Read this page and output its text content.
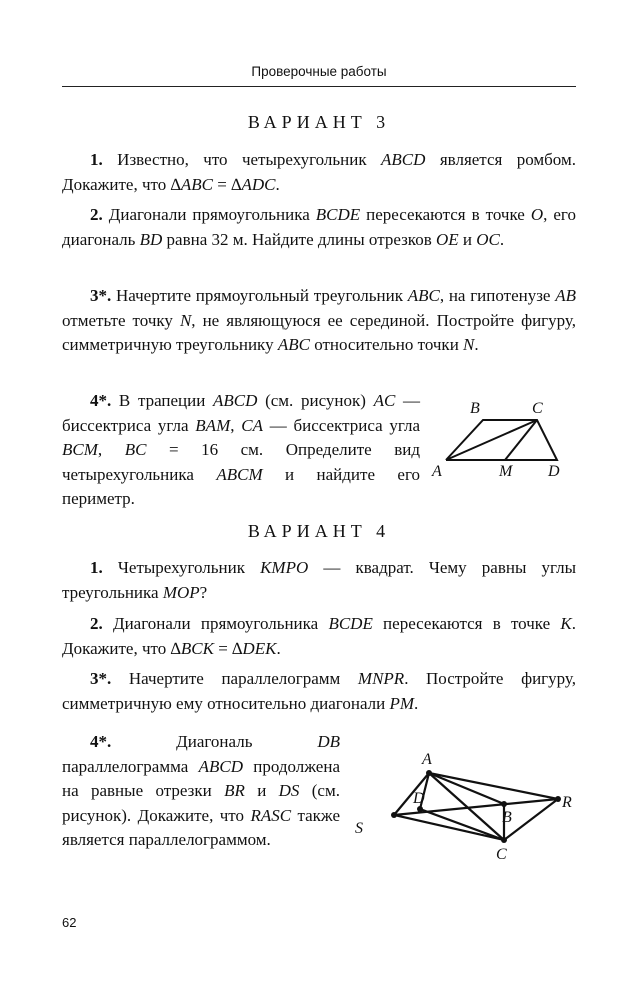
Проверочные работы
ВАРИАНТ 3
1. Известно, что четырехугольник ABCD является ромбом. Докажите, что ∆ABC = ∆ADC.
2. Диагонали прямоугольника BCDE пересекаются в точке O, его диагональ BD равна 32 м. Найдите длины отрезков OE и OC.
3*. Начертите прямоугольный треугольник ABC, на гипотенузе AB отметьте точку N, не являющуюся ее серединой. Постройте фигуру, симметричную треугольнику ABC относительно точки N.
4*. В трапеции ABCD (см. рисунок) AC — биссектриса угла BAM, CA — биссектриса угла BCM, BC = 16 см. Определите вид четырехугольника ABCM и найдите его периметр.
B	C
A	M D
ВАРИАНТ 4
1. Четырехугольник KMPO — квадрат. Чему равны углы треугольника MOP?
2. Диагонали прямоугольника BCDE пересекаются в точке K. Докажите, что ∆BCK = ∆DEK.
3*. Начертите параллелограмм MNPR. Постройте фигуру, симметричную ему относительно диагонали PM.
4*. Диагональ DB параллелограмма ABCD продолжена на равные отрезки BR и DS (см. рисунок). Докажите, что RASC также является параллелограммом.
A
D
B
R
S
C
62
